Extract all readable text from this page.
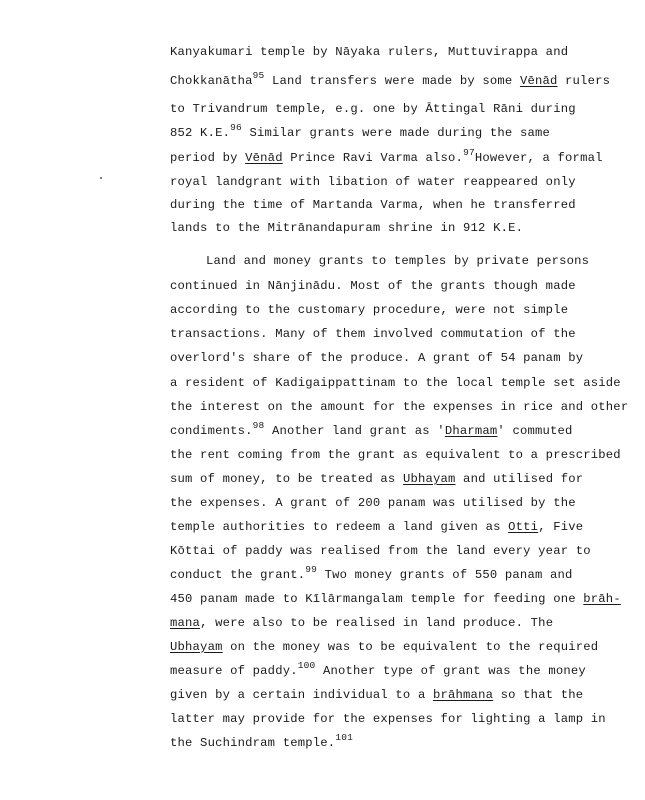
Kanyakumari temple by Nāyaka rulers, Muttuvirappa and
Chokkanātha$^{95}$ Land transfers were made by some Vēnād rulers
to Trivandrum temple, e.g. one by Āttingal Rāni during
852 K.E.$^{96}$ Similar grants were made during the same
period by Vēnād Prince Ravi Varma also.$^{97}$However, a formal
royal landgrant with libation of water reappeared only
during the time of Martanda Varma, when he transferred
lands to the Mitrānandapuram shrine in 912 K.E.
Land and money grants to temples by private persons
continued in Nānjinādu. Most of the grants though made
according to the customary procedure, were not simple
transactions. Many of them involved commutation of the
overlord's share of the produce. A grant of 54 panam by
a resident of Kadigaippattinam to the local temple set aside
the interest on the amount for the expenses in rice and other
condiments.$^{98}$ Another land grant as 'Dharmam' commuted
the rent coming from the grant as equivalent to a prescribed
sum of money, to be treated as Ubhayam and utilised for
the expenses. A grant of 200 panam was utilised by the
temple authorities to redeem a land given as Otti, Five
Kōttai of paddy was realised from the land every year to
conduct the grant.$^{99}$ Two money grants of 550 panam and
450 panam made to Kīlārmangalam temple for feeding one brāh-
mana, were also to be realised in land produce. The
Ubhayam on the money was to be equivalent to the required
measure of paddy.$^{100}$ Another type of grant was the money
given by a certain individual to a brāhmana so that the
latter may provide for the expenses for lighting a lamp in
the Suchindram temple.$^{101}$
